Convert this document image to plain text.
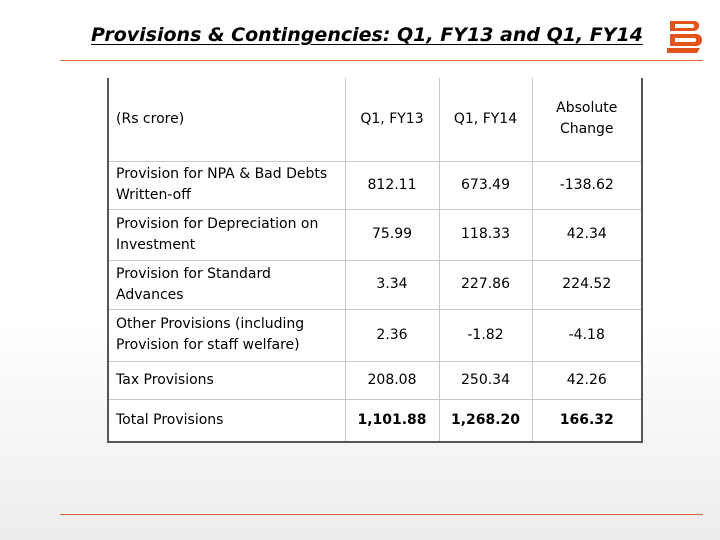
Provisions & Contingencies: Q1, FY13 and Q1, FY14
(Rs crore)	Q1, FY13	Q1, FY14	Absolute Change
Provision for NPA & Bad Debts Written-off	812.11	673.49	-138.62
Provision for Depreciation on Investment	75.99	118.33	42.34
Provision for Standard Advances	3.34	227.86	224.52
Other Provisions (including Provision for staff welfare)	2.36	-1.82	-4.18
Tax Provisions	208.08	250.34	42.26
Total Provisions	1,101.88	1,268.20	166.32
